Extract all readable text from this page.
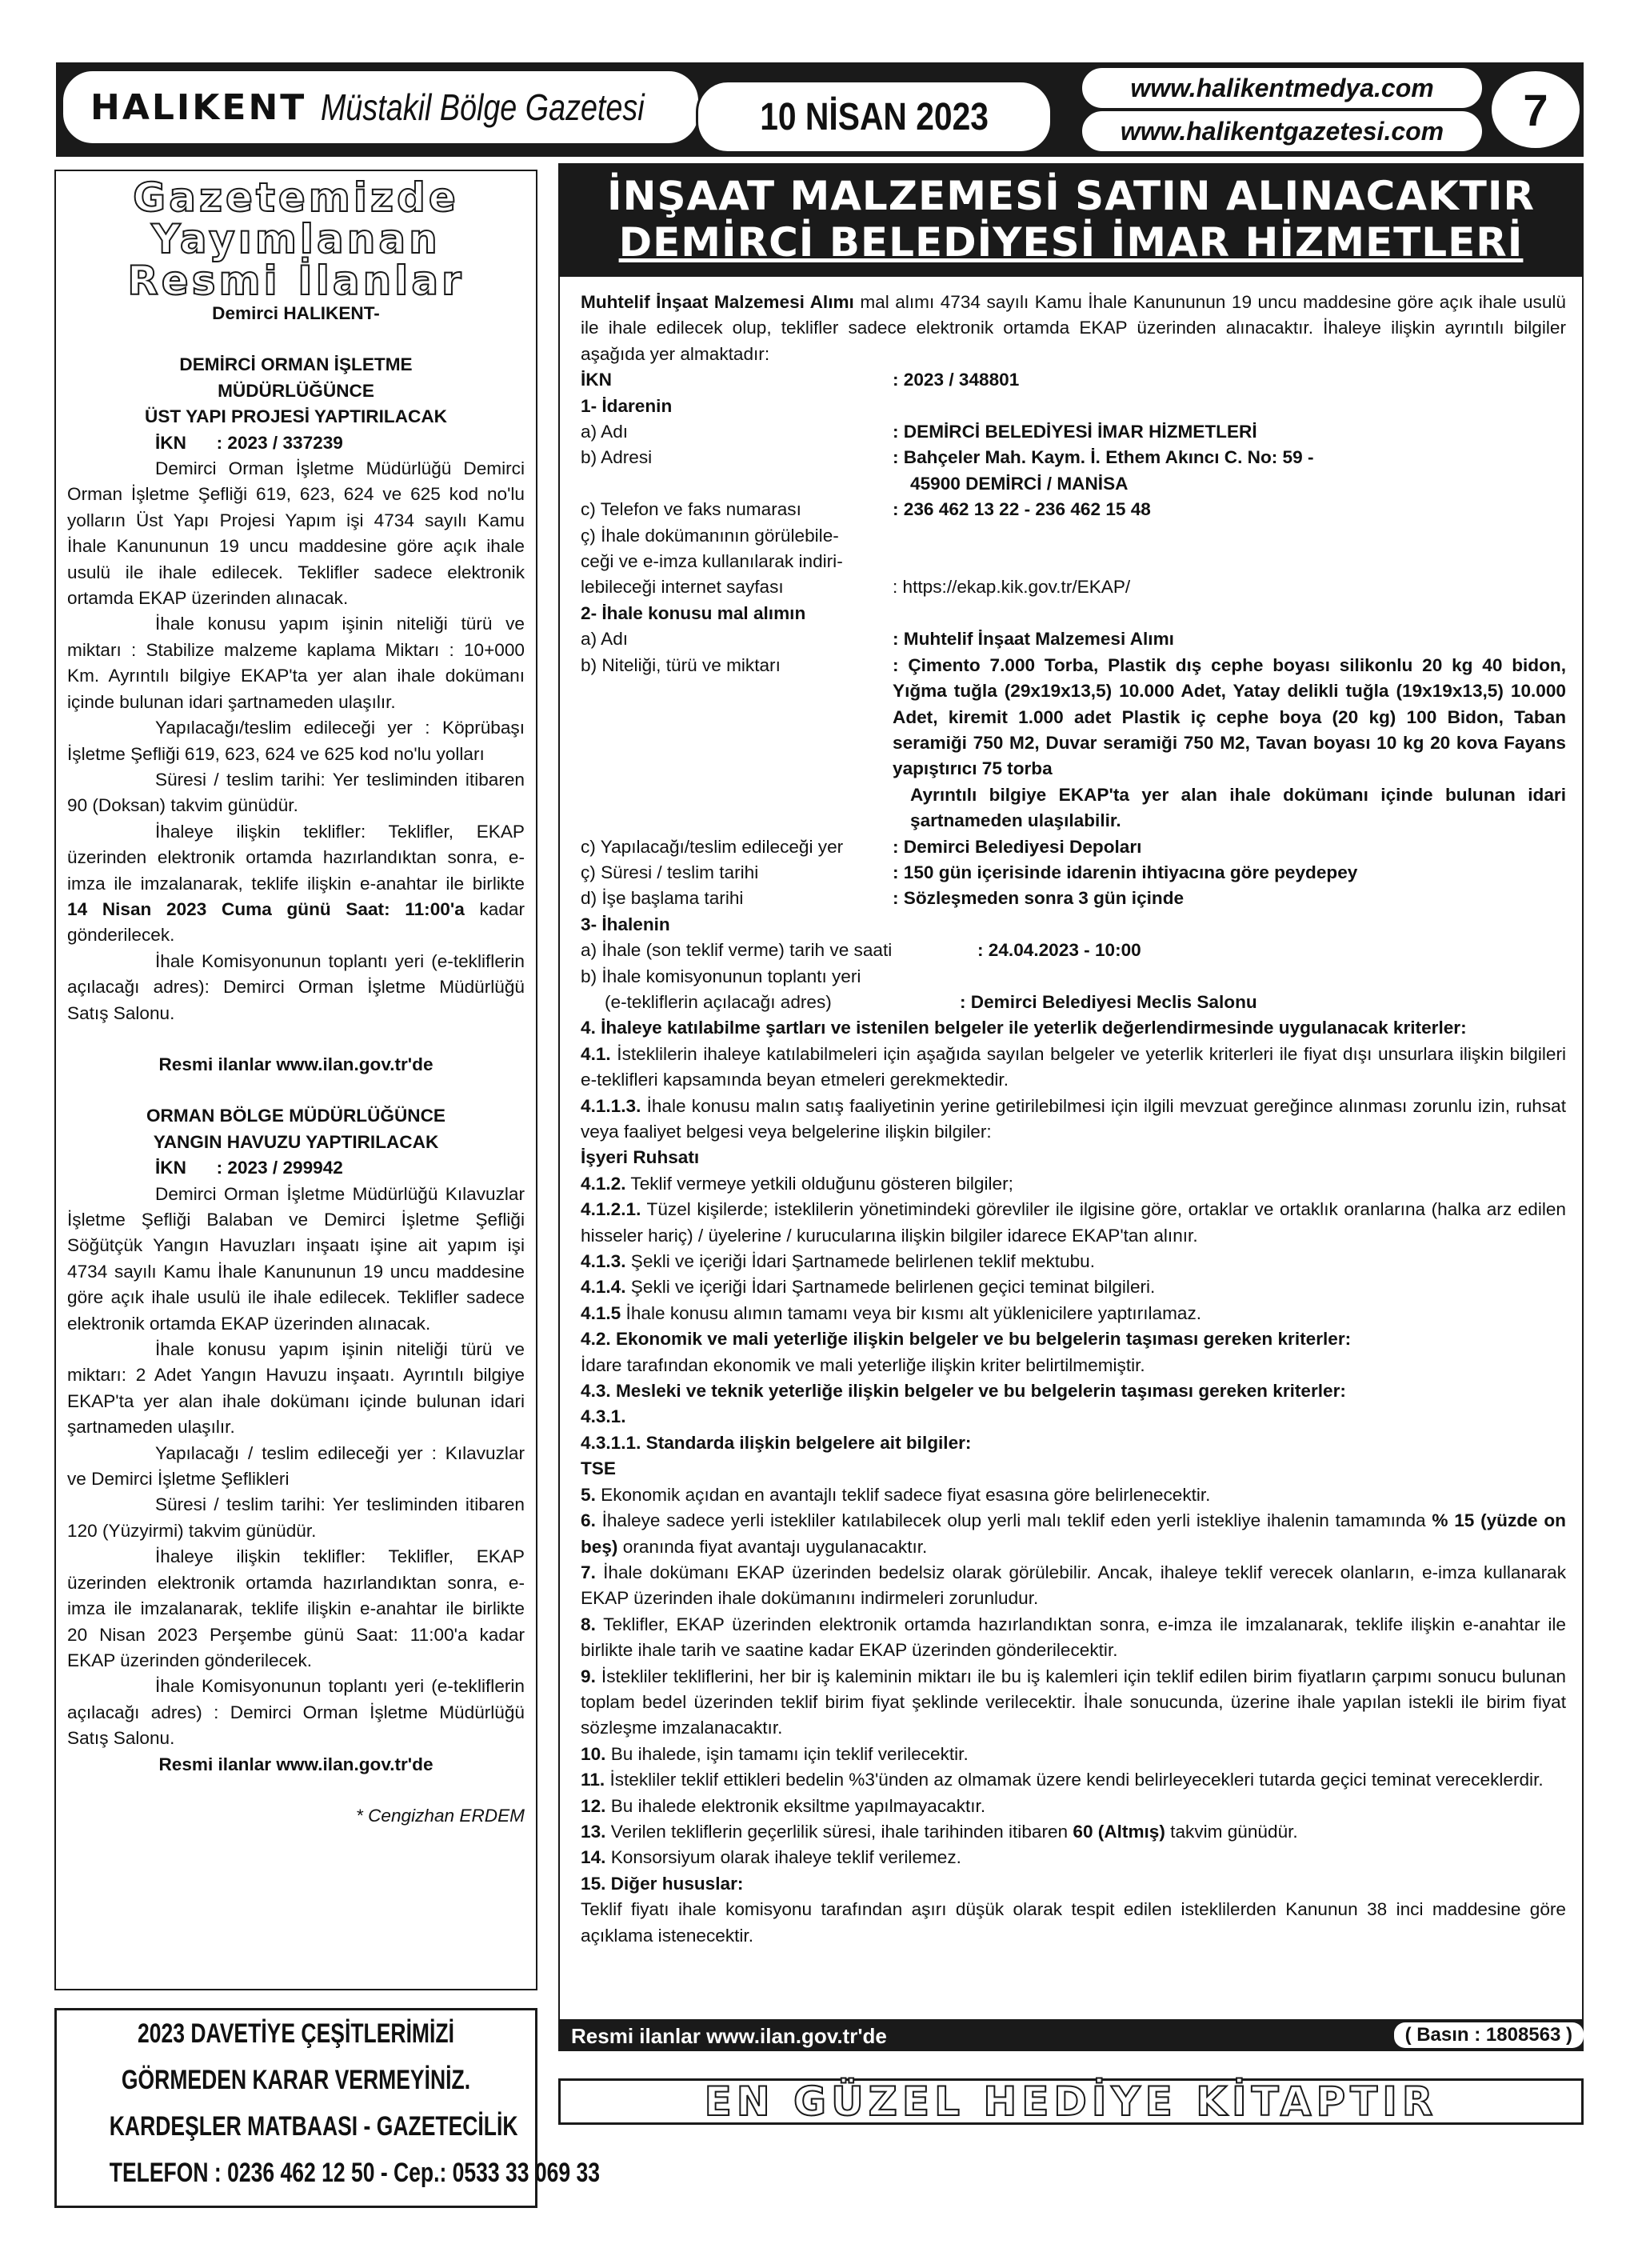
HALIKENT Müstakil Bölge Gazetesi	10 NİSAN 2023
www.halikentmedya.com
www.halikentgazetesi.com	7
Gazetemizde
Yayımlanan
Resmi İlanlar

Demirci HALIKENT-

DEMİRCİ ORMAN İŞLETME

MÜDÜRLÜĞÜNCE

ÜST YAPI PROJESİ YAPTIRILACAK

İKN      : 2023 / 337239

Demirci Orman İşletme Müdürlüğü Demirci Orman İşletme Şefliği 619, 623, 624 ve 625 kod no'lu yolların Üst Yapı Projesi Yapım işi 4734 sayılı Kamu İhale Kanununun 19 uncu maddesine göre açık ihale usulü ile ihale edilecek. Teklifler sadece elektronik ortamda EKAP üzerinden alınacak.

İhale konusu yapım işinin niteliği türü ve miktarı : Stabilize malzeme kaplama Miktarı : 10+000 Km. Ayrıntılı bilgiye EKAP'ta yer alan ihale dokümanı içinde bulunan idari şartnameden ulaşılır.

Yapılacağı/teslim edileceği yer : Köprübaşı İşletme Şefliği 619, 623, 624 ve 625 kod no'lu yolları

Süresi / teslim tarihi: Yer tesliminden itibaren 90 (Doksan) takvim günüdür.

İhaleye ilişkin teklifler: Teklifler, EKAP üzerinden elektronik ortamda hazırlandıktan sonra, e-imza ile imzalanarak, teklife ilişkin e-anahtar ile birlikte 14 Nisan 2023 Cuma günü Saat: 11:00'a kadar gönderilecek.

İhale Komisyonunun toplantı yeri (e-tekliflerin açılacağı adres): Demirci Orman İşletme Müdürlüğü Satış Salonu.

Resmi ilanlar www.ilan.gov.tr'de

ORMAN BÖLGE MÜDÜRLÜĞÜNCE

YANGIN HAVUZU YAPTIRILACAK

İKN      : 2023 / 299942

Demirci Orman İşletme Müdürlüğü Kılavuzlar İşletme Şefliği Balaban ve Demirci İşletme Şefliği Söğütçük Yangın Havuzları inşaatı işine ait yapım işi 4734 sayılı Kamu İhale Kanununun 19 uncu maddesine göre açık ihale usulü ile ihale edilecek. Teklifler sadece elektronik ortamda EKAP üzerinden alınacak.

İhale konusu yapım işinin niteliği türü ve miktarı: 2 Adet Yangın Havuzu inşaatı. Ayrıntılı bilgiye EKAP'ta yer alan ihale dokümanı içinde bulunan idari şartnameden ulaşılır.

Yapılacağı / teslim edileceği yer : Kılavuzlar ve Demirci İşletme Şeflikleri

Süresi / teslim tarihi: Yer tesliminden itibaren 120 (Yüzyirmi) takvim günüdür.

İhaleye ilişkin teklifler: Teklifler, EKAP üzerinden elektronik ortamda hazırlandıktan sonra, e-imza ile imzalanarak, teklife ilişkin e-anahtar ile birlikte 20 Nisan 2023 Perşembe günü Saat: 11:00'a kadar EKAP üzerinden gönderilecek.

İhale Komisyonunun toplantı yeri (e-tekliflerin açılacağı adres) : Demirci Orman İşletme Müdürlüğü Satış Salonu.

Resmi ilanlar www.ilan.gov.tr'de

* Cengizhan ERDEM

2023 DAVETİYE ÇEŞİTLERİMİZİ
GÖRMEDEN KARAR VERMEYİNİZ.
KARDEŞLER MATBAASI - GAZETECİLİK
TELEFON : 0236 462 12 50 - Cep.: 0533 33 069 33
İNŞAAT MALZEMESİ SATIN ALINACAKTIR
DEMİRCİ BELEDİYESİ İMAR HİZMETLERİ

Muhtelif İnşaat Malzemesi Alımı mal alımı 4734 sayılı Kamu İhale Kanununun 19 uncu maddesine göre açık ihale usulü ile ihale edilecek olup, teklifler sadece elektronik ortamda EKAP üzerinden alınacaktır. İhaleye ilişkin ayrıntılı bilgiler aşağıda yer almaktadır:

İKN	: 2023 / 348801

1- İdarenin

a) Adı	: DEMİRCİ BELEDİYESİ İMAR HİZMETLERİ
b) Adresi	: Bahçeler Mah. Kaym. İ. Ethem Akıncı C. No: 59 -

45900 DEMİRCİ / MANİSA

c) Telefon ve faks numarası	: 236 462 13 22 - 236 462 15 48

ç) İhale dokümanının görülebile-

ceği ve e-imza kullanılarak indiri-

lebileceği internet sayfası	: https://ekap.kik.gov.tr/EKAP/

2- İhale konusu mal alımın

a) Adı	: Muhtelif İnşaat Malzemesi Alımı
b) Niteliği, türü ve miktarı	: Çimento 7.000 Torba, Plastik dış cephe boyası silikonlu 20 kg 40 bidon, Yığma tuğla (29x19x13,5) 10.000 Adet, Yatay delikli tuğla (19x19x13,5) 10.000 Adet, kiremit 1.000 adet Plastik iç cephe boya (20 kg) 100 Bidon, Taban seramiği 750 M2, Duvar seramiği 750 M2, Tavan boyası 10 kg 20 kova Fayans yapıştırıcı 75 torba

Ayrıntılı bilgiye EKAP'ta yer alan ihale dokümanı içinde bulunan idari şartnameden ulaşılabilir.

c) Yapılacağı/teslim edileceği yer	: Demirci Belediyesi Depoları
ç) Süresi / teslim tarihi	: 150 gün içerisinde idarenin ihtiyacına göre peydepey
d) İşe başlama tarihi	: Sözleşmeden sonra 3 gün içinde

3- İhalenin

a) İhale (son teklif verme) tarih ve saati	: 24.04.2023 - 10:00

b) İhale komisyonunun toplantı yeri

(e-tekliflerin açılacağı adres)	: Demirci Belediyesi Meclis Salonu

4. İhaleye katılabilme şartları ve istenilen belgeler ile yeterlik değerlendirmesinde uygulanacak kriterler:

4.1. İsteklilerin ihaleye katılabilmeleri için aşağıda sayılan belgeler ve yeterlik kriterleri ile fiyat dışı unsurlara ilişkin bilgileri e-teklifleri kapsamında beyan etmeleri gerekmektedir.

4.1.1.3. İhale konusu malın satış faaliyetinin yerine getirilebilmesi için ilgili mevzuat gereğince alınması zorunlu izin, ruhsat veya faaliyet belgesi veya belgelerine ilişkin bilgiler:

İşyeri Ruhsatı

4.1.2. Teklif vermeye yetkili olduğunu gösteren bilgiler;

4.1.2.1. Tüzel kişilerde; isteklilerin yönetimindeki görevliler ile ilgisine göre, ortaklar ve ortaklık oranlarına (halka arz edilen hisseler hariç) / üyelerine / kurucularına ilişkin bilgiler idarece EKAP'tan alınır.

4.1.3. Şekli ve içeriği İdari Şartnamede belirlenen teklif mektubu.

4.1.4. Şekli ve içeriği İdari Şartnamede belirlenen geçici teminat bilgileri.

4.1.5 İhale konusu alımın tamamı veya bir kısmı alt yüklenicilere yaptırılamaz.

4.2. Ekonomik ve mali yeterliğe ilişkin belgeler ve bu belgelerin taşıması gereken kriterler:

İdare tarafından ekonomik ve mali yeterliğe ilişkin kriter belirtilmemiştir.

4.3. Mesleki ve teknik yeterliğe ilişkin belgeler ve bu belgelerin taşıması gereken kriterler:

4.3.1.

4.3.1.1. Standarda ilişkin belgelere ait bilgiler:

TSE

5. Ekonomik açıdan en avantajlı teklif sadece fiyat esasına göre belirlenecektir.

6. İhaleye sadece yerli istekliler katılabilecek olup yerli malı teklif eden yerli istekliye ihalenin tamamında % 15 (yüzde on beş) oranında fiyat avantajı uygulanacaktır.

7. İhale dokümanı EKAP üzerinden bedelsiz olarak görülebilir. Ancak, ihaleye teklif verecek olanların, e-imza kullanarak EKAP üzerinden ihale dokümanını indirmeleri zorunludur.

8. Teklifler, EKAP üzerinden elektronik ortamda hazırlandıktan sonra, e-imza ile imzalanarak, teklife ilişkin e-anahtar ile birlikte ihale tarih ve saatine kadar EKAP üzerinden gönderilecektir.

9. İstekliler tekliflerini, her bir iş kaleminin miktarı ile bu iş kalemleri için teklif edilen birim fiyatların çarpımı sonucu bulunan toplam bedel üzerinden teklif birim fiyat şeklinde verilecektir. İhale sonucunda, üzerine ihale yapılan istekli ile birim fiyat sözleşme imzalanacaktır.

10. Bu ihalede, işin tamamı için teklif verilecektir.

11. İstekliler teklif ettikleri bedelin %3'ünden az olmamak üzere kendi belirleyecekleri tutarda geçici teminat vereceklerdir.

12. Bu ihalede elektronik eksiltme yapılmayacaktır.

13. Verilen tekliflerin geçerlilik süresi, ihale tarihinden itibaren 60 (Altmış) takvim günüdür.

14. Konsorsiyum olarak ihaleye teklif verilemez.

15. Diğer hususlar:

Teklif fiyatı ihale komisyonu tarafından aşırı düşük olarak tespit edilen isteklilerden Kanunun 38 inci maddesine göre açıklama istenecektir.

Resmi ilanlar www.ilan.gov.tr'de	( Basın : 1808563 )
EN GÜZEL HEDİYE KİTAPTIR
